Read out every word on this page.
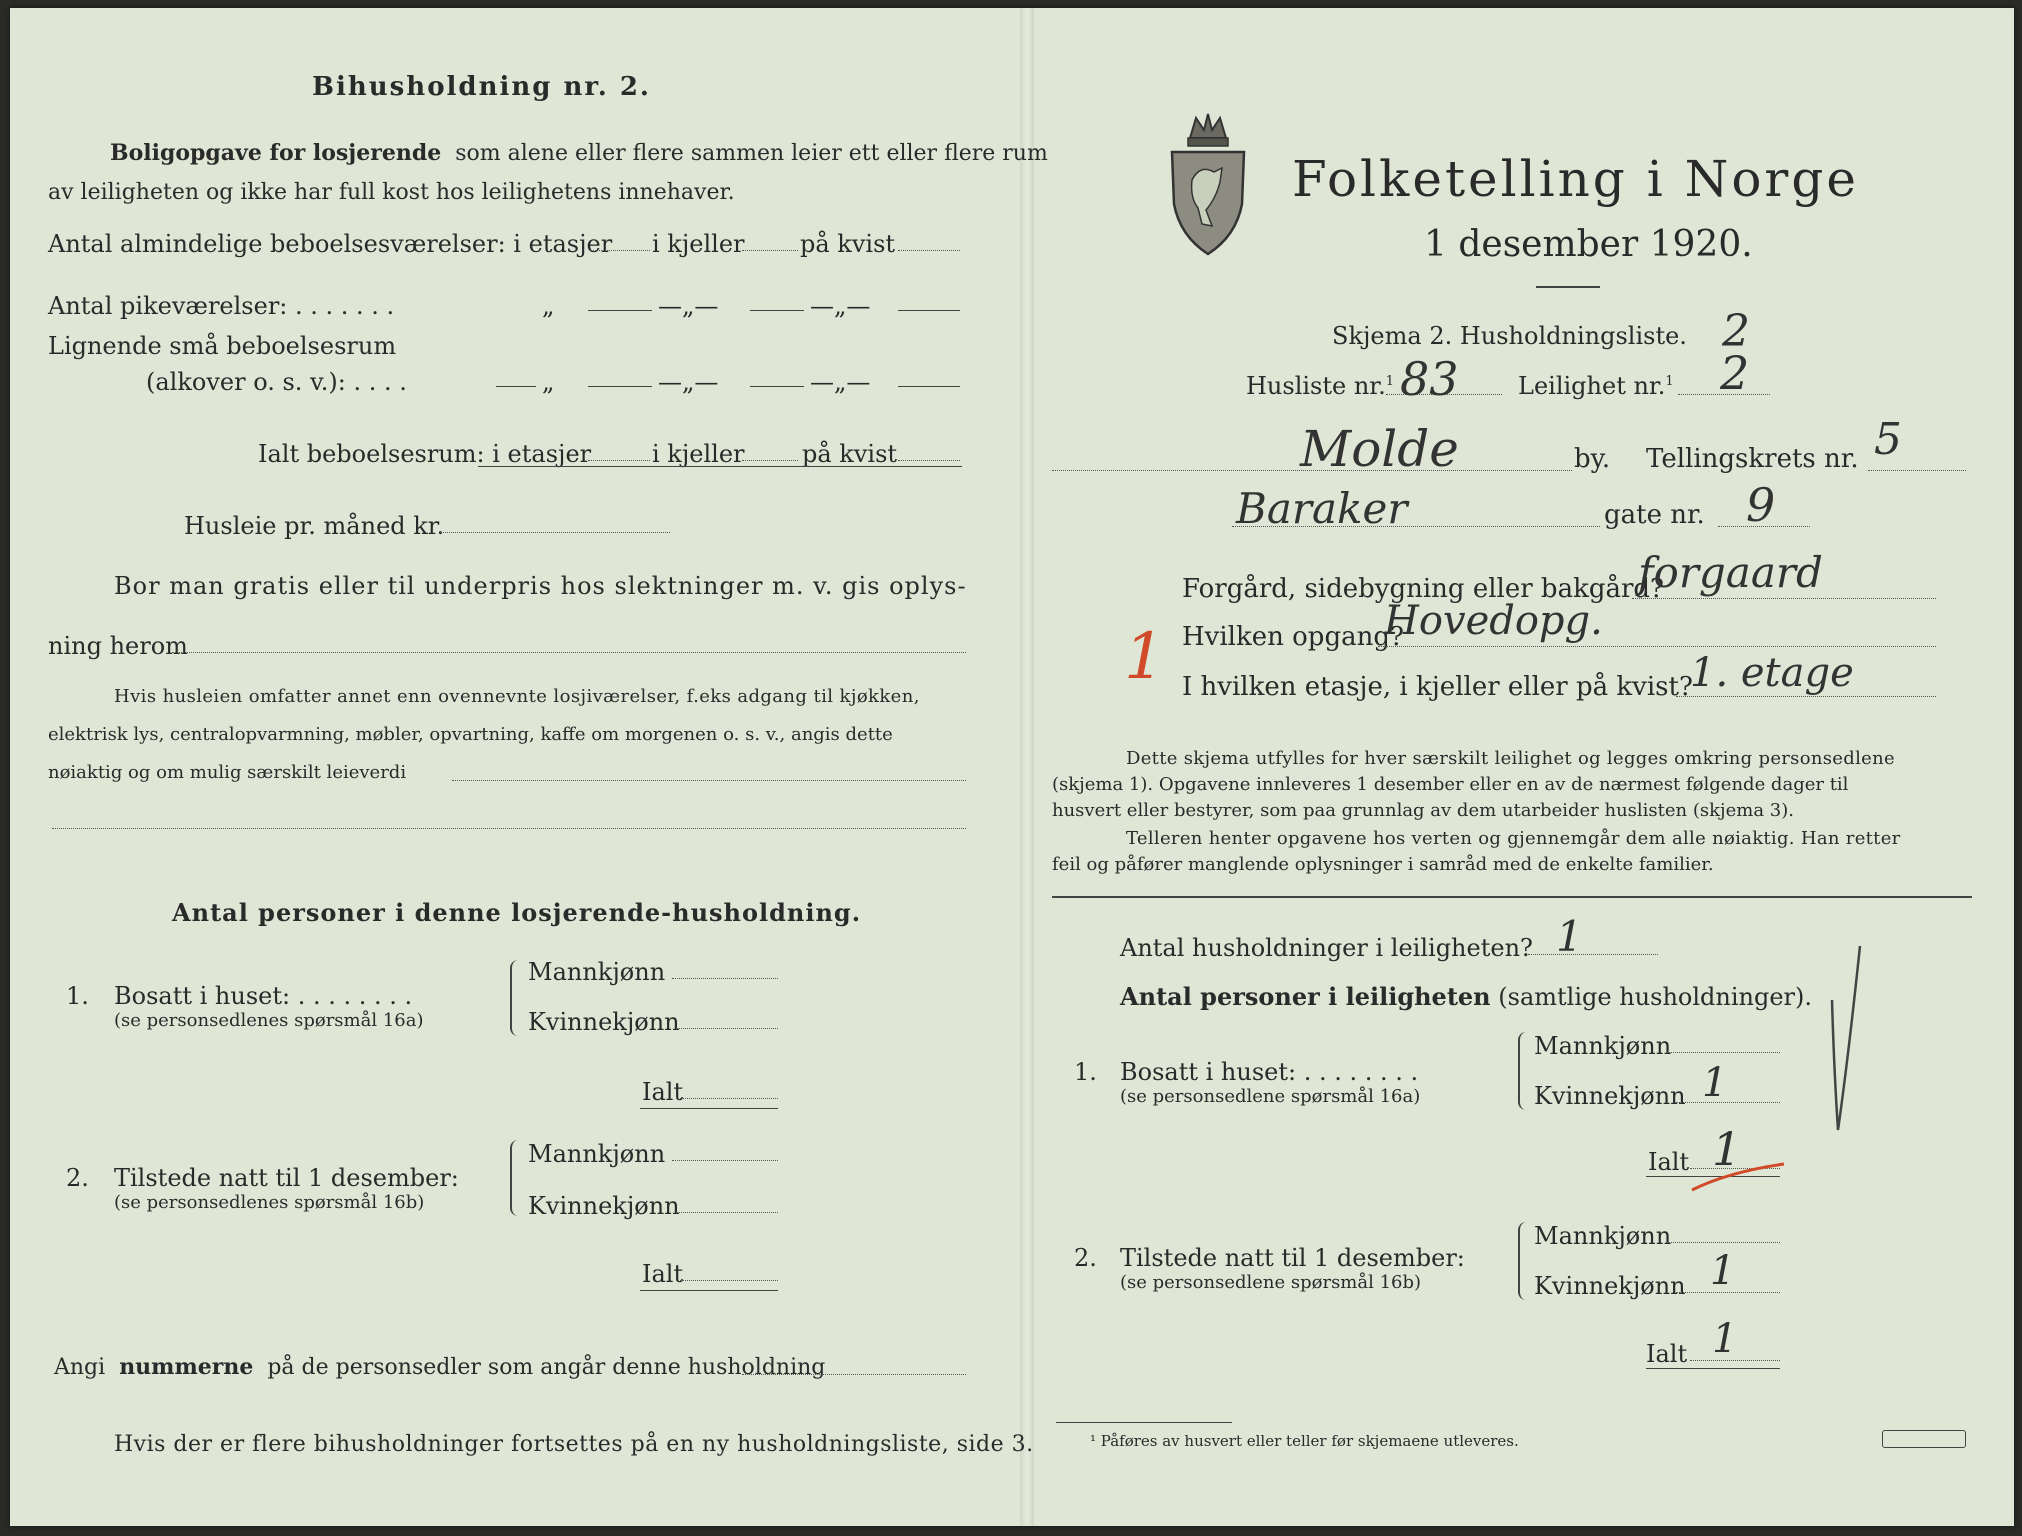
Bihusholdning nr. 2.
Boligopgave for losjerende som alene eller flere sammen leier ett eller flere rum
av leiligheten og ikke har full kost hos leilighetens innehaver.
Antal almindelige beboelsesværelser: i etasjer i kjeller på kvist
Antal pikeværelser: . . . . . . .	„	—„—	—„—
Lignende små beboelsesrum
(alkover o. s. v.): . . . .	„	—„—	—„—
Ialt beboelsesrum: i etasjer	i kjeller på kvist
Husleie pr. måned kr.
Bor man gratis eller til underpris hos slektninger m. v. gis oplys-
ning herom
Hvis husleien omfatter annet enn ovennevnte losjiværelser, f.eks adgang til kjøkken,
elektrisk lys, centralopvarmning, møbler, opvartning, kaffe om morgenen o. s. v., angis dette
nøiaktig og om mulig særskilt leieverdi
Antal personer i denne losjerende-husholdning.
1. Bosatt i huset: . . . . . . . .
(se personsedlenes spørsmål 16a)
Mannkjønn
Kvinnekjønn
Ialt
2. Tilstede natt til 1 desember:
(se personsedlenes spørsmål 16b)
Mannkjønn
Kvinnekjønn
Ialt
Angi nummerne på de personsedler som angår denne husholdning
Hvis der er flere bihusholdninger fortsettes på en ny husholdningsliste, side 3.
Folketelling i Norge
1 desember 1920.
Skjema 2. Husholdningsliste. 2
Husliste nr.$^1$ 83 Leilighet nr.$^1$ 2
Molde	by. Tellingskrets nr. 5
Baraker	gate nr. 9
Forgård, sidebygning eller bakgård?
forgaard
1 Hvilken opgang?
Hovedopg.
I hvilken etasje, i kjeller eller på kvist?
1. etage
Dette skjema utfylles for hver særskilt leilighet og legges omkring personsedlene
(skjema 1). Opgavene innleveres 1 desember eller en av de nærmest følgende dager til
husvert eller bestyrer, som paa grunnlag av dem utarbeider huslisten (skjema 3).
Telleren henter opgavene hos verten og gjennemgår dem alle nøiaktig. Han retter
feil og påfører manglende oplysninger i samråd med de enkelte familier.
Antal husholdninger i leiligheten? 1
Antal personer i leiligheten (samtlige husholdninger).
1. Bosatt i huset: . . . . . . . .
(se personsedlene spørsmål 16a)
Mannkjønn
Kvinnekjønn 1
Ialt 1
2. Tilstede natt til 1 desember:
(se personsedlene spørsmål 16b)
Mannkjønn
Kvinnekjønn 1
Ialt 1
¹ Påføres av husvert eller teller før skjemaene utleveres.
